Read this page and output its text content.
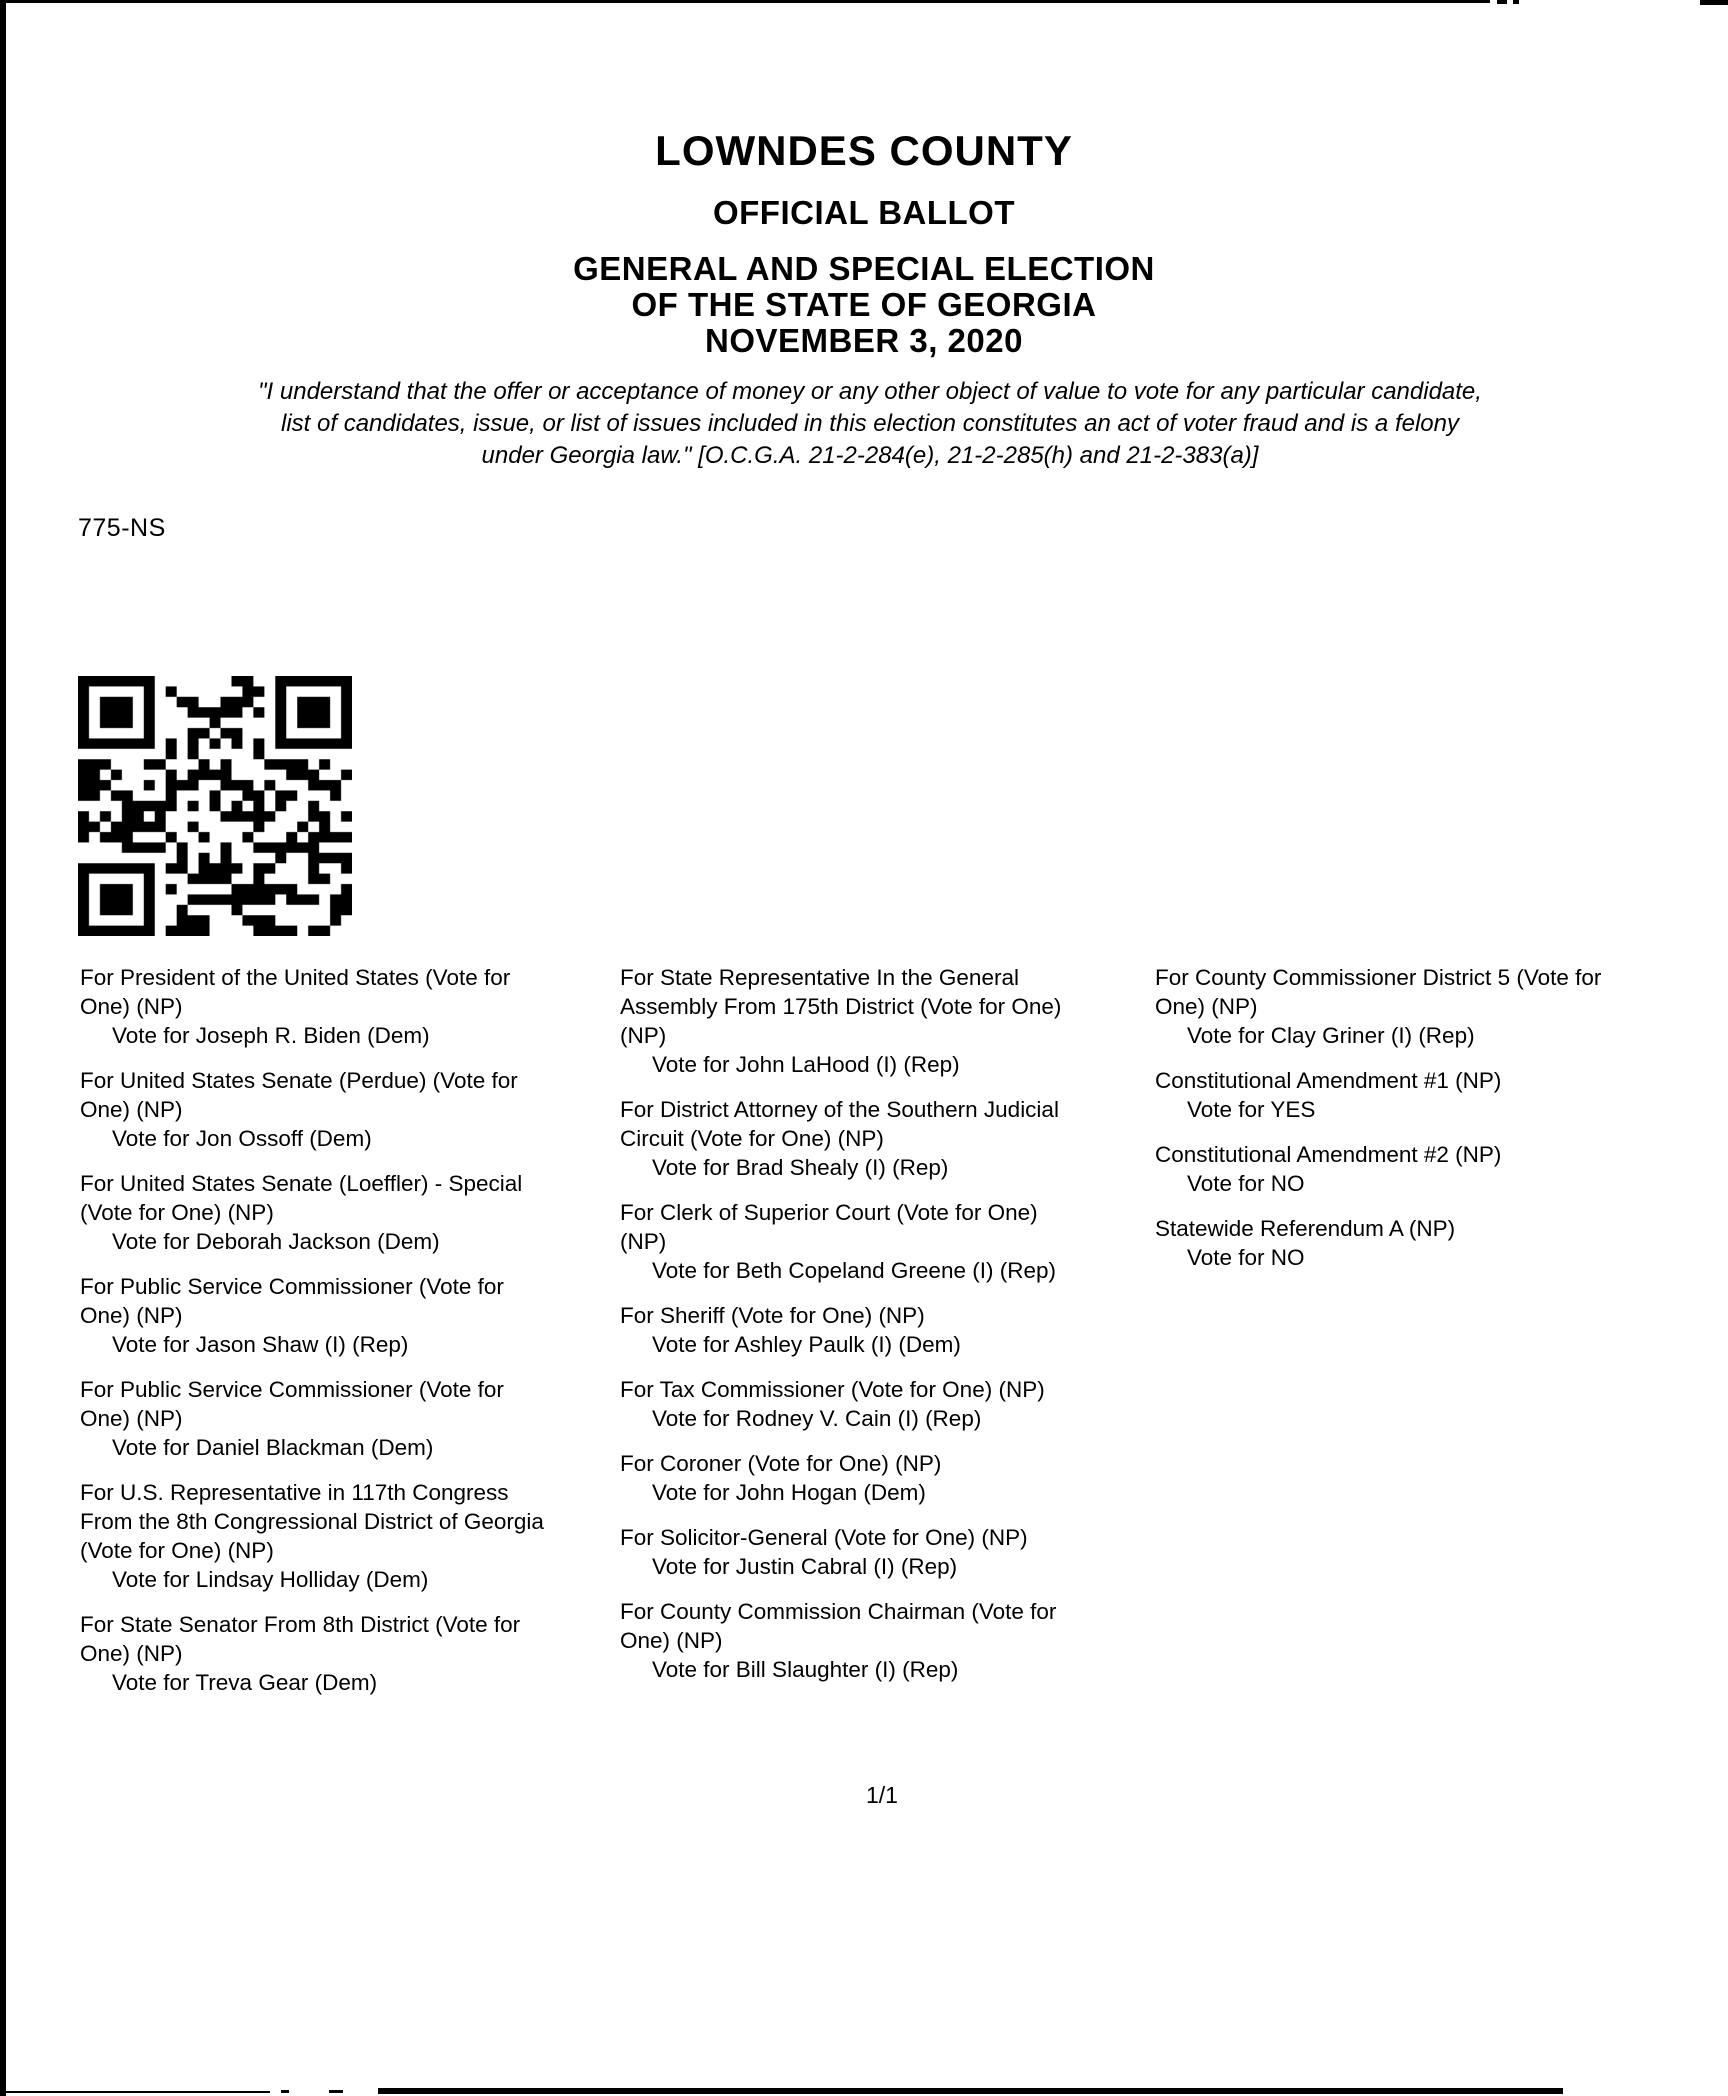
LOWNDES COUNTY
OFFICIAL BALLOT
GENERAL AND SPECIAL ELECTION
OF THE STATE OF GEORGIA
NOVEMBER 3, 2020
"I understand that the offer or acceptance of money or any other object of value to vote for any particular candidate,
list of candidates, issue, or list of issues included in this election constitutes an act of voter fraud and is a felony
under Georgia law." [O.C.G.A. 21-2-284(e), 21-2-285(h) and 21-2-383(a)]
775-NS
For President of the United States (Vote for One) (NP)
Vote for Joseph R. Biden (Dem)
For United States Senate (Perdue) (Vote for One) (NP)
Vote for Jon Ossoff (Dem)
For United States Senate (Loeffler) - Special (Vote for One) (NP)
Vote for Deborah Jackson (Dem)
For Public Service Commissioner (Vote for One) (NP)
Vote for Jason Shaw (I) (Rep)
For Public Service Commissioner (Vote for One) (NP)
Vote for Daniel Blackman (Dem)
For U.S. Representative in 117th Congress From the 8th Congressional District of Georgia (Vote for One) (NP)
Vote for Lindsay Holliday (Dem)
For State Senator From 8th District (Vote for One) (NP)
Vote for Treva Gear (Dem)
For State Representative In the General Assembly From 175th District (Vote for One) (NP)
Vote for John LaHood (I) (Rep)
For District Attorney of the Southern Judicial Circuit (Vote for One) (NP)
Vote for Brad Shealy (I) (Rep)
For Clerk of Superior Court (Vote for One) (NP)
Vote for Beth Copeland Greene (I) (Rep)
For Sheriff (Vote for One) (NP)
Vote for Ashley Paulk (I) (Dem)
For Tax Commissioner (Vote for One) (NP)
Vote for Rodney V. Cain (I) (Rep)
For Coroner (Vote for One) (NP)
Vote for John Hogan (Dem)
For Solicitor-General (Vote for One) (NP)
Vote for Justin Cabral (I) (Rep)
For County Commission Chairman (Vote for One) (NP)
Vote for Bill Slaughter (I) (Rep)
For County Commissioner District 5 (Vote for One) (NP)
Vote for Clay Griner (I) (Rep)
Constitutional Amendment #1 (NP)
Vote for YES
Constitutional Amendment #2 (NP)
Vote for NO
Statewide Referendum A (NP)
Vote for NO
1/1
